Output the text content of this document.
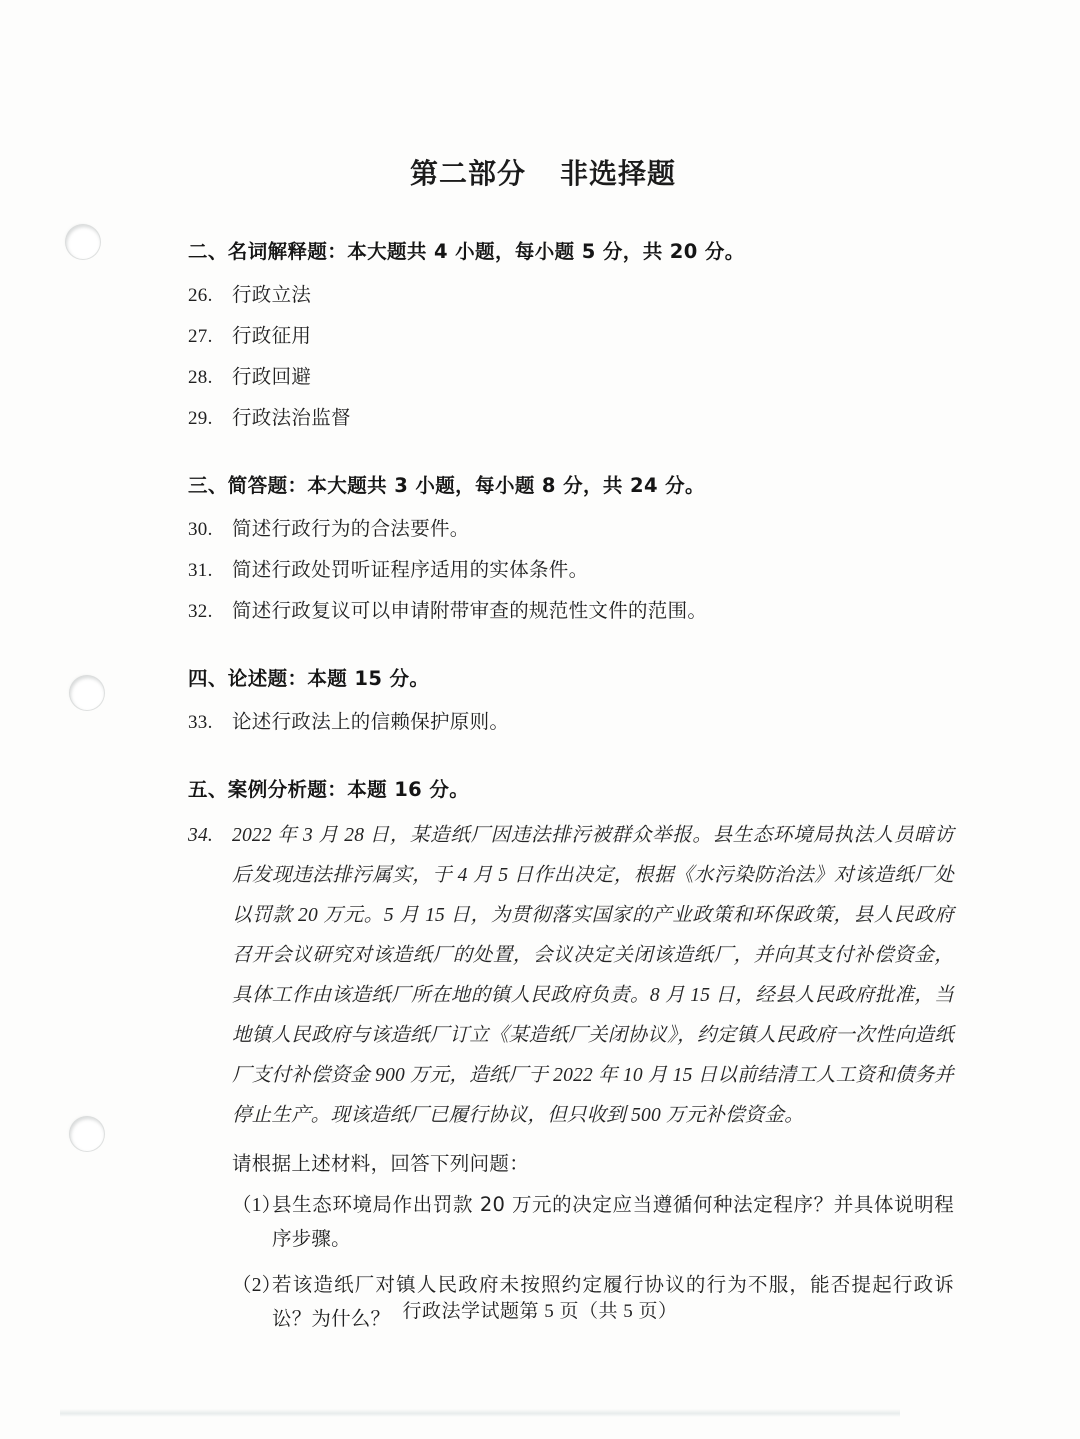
第二部分 非选择题
二、名词解释题：本大题共 4 小题，每小题 5 分，共 20 分。
26. 行政立法
27. 行政征用
28. 行政回避
29. 行政法治监督
三、简答题：本大题共 3 小题，每小题 8 分，共 24 分。
30. 简述行政行为的合法要件。
31. 简述行政处罚听证程序适用的实体条件。
32. 简述行政复议可以申请附带审查的规范性文件的范围。
四、论述题：本题 15 分。
33. 论述行政法上的信赖保护原则。
五、案例分析题：本题 16 分。
34. 2022 年 3 月 28 日，某造纸厂因违法排污被群众举报。县生态环境局执法人员暗访后发现违法排污属实，于 4 月 5 日作出决定，根据《水污染防治法》对该造纸厂处以罚款 20 万元。5 月 15 日，为贯彻落实国家的产业政策和环保政策，县人民政府召开会议研究对该造纸厂的处置，会议决定关闭该造纸厂，并向其支付补偿资金，具体工作由该造纸厂所在地的镇人民政府负责。8 月 15 日，经县人民政府批准，当地镇人民政府与该造纸厂订立《某造纸厂关闭协议》，约定镇人民政府一次性向造纸厂支付补偿资金 900 万元，造纸厂于 2022 年 10 月 15 日以前结清工人工资和债务并停止生产。现该造纸厂已履行协议，但只收到 500 万元补偿资金。
请根据上述材料，回答下列问题：
（1）
县生态环境局作出罚款 20 万元的决定应当遵循何种法定程序？并具体说明程序步骤。
（2）
若该造纸厂对镇人民政府未按照约定履行协议的行为不服，能否提起行政诉讼？为什么？ 行政法学试题第 5 页（共 5 页）
